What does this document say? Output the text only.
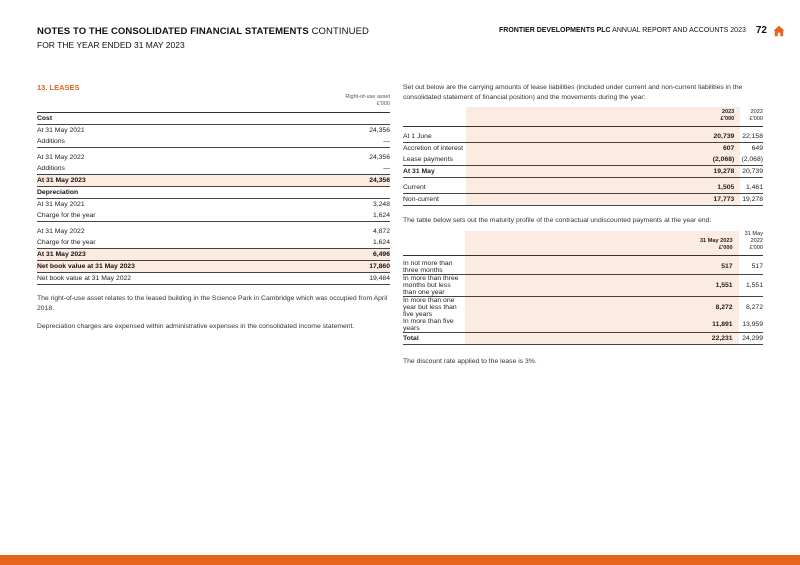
NOTES TO THE CONSOLIDATED FINANCIAL STATEMENTS CONTINUED
FOR THE YEAR ENDED 31 MAY 2023
FRONTIER DEVELOPMENTS PLC ANNUAL REPORT AND ACCOUNTS 2023 72
13. LEASES
Right-of-use asset
£'000
Cost	
At 31 May 2021	24,356
Additions	—

At 31 May 2022	24,356
Additions	—
At 31 May 2023	24,356
Depreciation	
At 31 May 2021	3,248
Charge for the year	1,624

At 31 May 2022	4,872
Charge for the year	1,624
At 31 May 2023	6,496
Net book value at 31 May 2023	17,860
Net book value at 31 May 2022	19,484
The right-of-use asset relates to the leased building in the Science Park in Cambridge which was occupied from April 2018.
Depreciation charges are expensed within administrative expenses in the consolidated income statement.
Set out below are the carrying amounts of lease liabilities (included under current and non-current liabilities in the consolidated statement of financial position) and the movements during the year:
	2023
£'000	2022
£'000

At 1 June	20,739	22,158
Accretion of interest	607	649
Lease payments	(2,068)	(2,068)
At 31 May	19,278	20,739

Current	1,505	1,461
Non-current	17,773	19,278
The table below sets out the maturity profile of the contractual undiscounted payments at the year end:
	31 May 2023
£'000	31 May 2022
£'000

In not more than three months	517	517
In more than three months but less than one year	1,551	1,551
In more than one year but less than five years	8,272	8,272
In more than five years	11,891	13,959
Total	22,231	24,299
The discount rate applied to the lease is 3%.
